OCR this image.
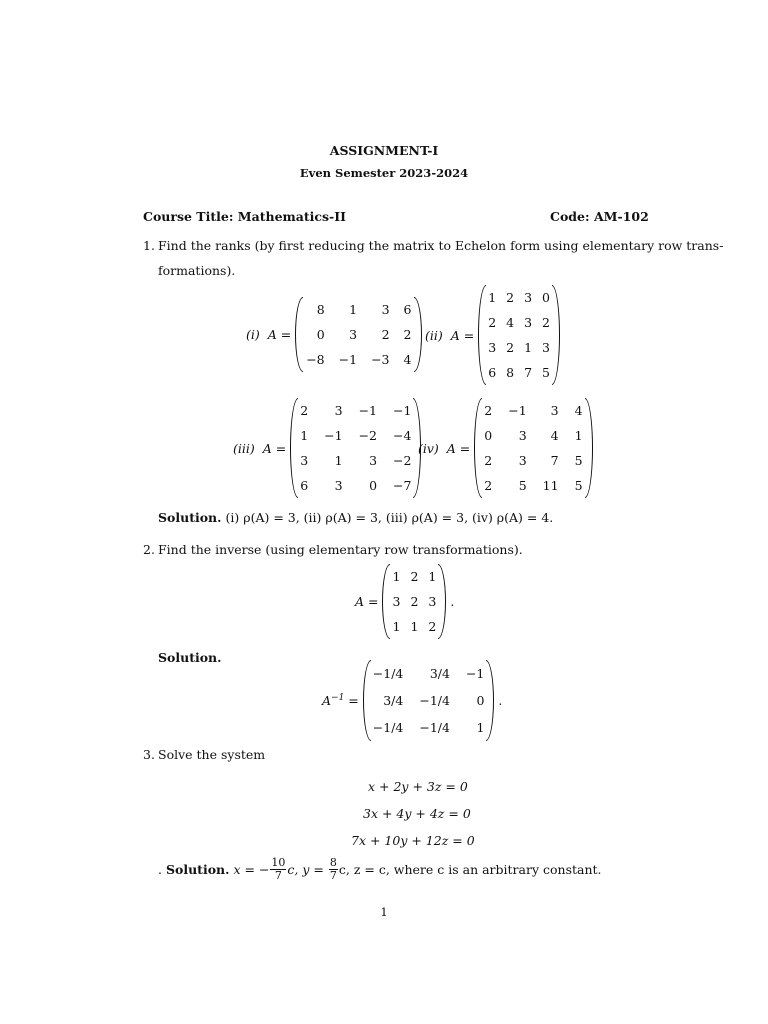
ASSIGNMENT-I
Even Semester 2023-2024
Course Title: Mathematics-II	Code: AM-102
1. Find the ranks (by first reducing the matrix to Echelon form using elementary row trans-
formations).
(i) A =
8	1	3	6
0	3	2	2
−8	−1	−3	4
(ii) A =
1	2	3	0
2	4	3	2
3	2	1	3
6	8	7	5
(iii) A =
2	3	−1	−1
1	−1	−2	−4
3	1	3	−2
6	3	0	−7
(iv) A =
2	−1	3	4
0	3	4	1
2	3	7	5
2	5	11	5
Solution. (i) ρ(A) = 3, (ii) ρ(A) = 3, (iii) ρ(A) = 3, (iv) ρ(A) = 4.
2. Find the inverse (using elementary row transformations).
A =
1	2	1
3	2	3
1	1	2
.
Solution.
$A^{-1}$ =
−1/4	3/4	−1
3/4	−1/4	0
−1/4	−1/4	1
.
3. Solve the system
x + 2y + 3z = 0
3x + 4y + 4z = 0
7x + 10y + 12z = 0
.
Solution.
x = − $\frac{10}{7} c$, y =
$\frac{8}{7} c$, z = c, where c is an arbitrary constant.
1
